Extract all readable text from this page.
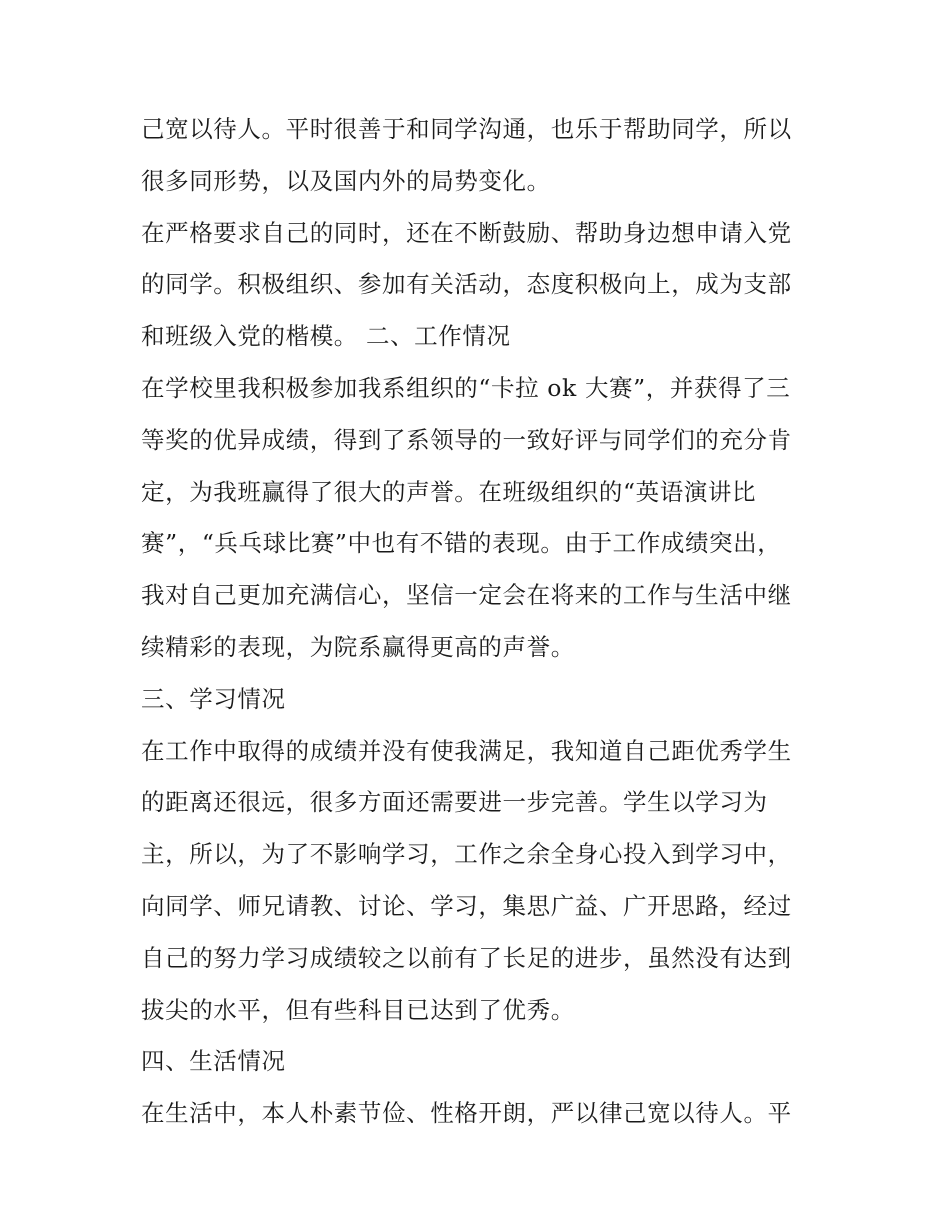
己宽以待人。平时很善于和同学沟通，也乐于帮助同学，所以
很多同形势，以及国内外的局势变化。
在严格要求自己的同时，还在不断鼓励、帮助身边想申请入党
的同学。积极组织、参加有关活动，态度积极向上，成为支部
和班级入党的楷模。 二、工作情况
在学校里我积极参加我系组织的“卡拉 ok 大赛”，并获得了三
等奖的优异成绩，得到了系领导的一致好评与同学们的充分肯
定，为我班赢得了很大的声誉。在班级组织的“英语演讲比
赛”，“兵乓球比赛”中也有不错的表现。由于工作成绩突出，
我对自己更加充满信心，坚信一定会在将来的工作与生活中继
续精彩的表现，为院系赢得更高的声誉。
三、学习情况
在工作中取得的成绩并没有使我满足，我知道自己距优秀学生
的距离还很远，很多方面还需要进一步完善。学生以学习为
主，所以，为了不影响学习，工作之余全身心投入到学习中，
向同学、师兄请教、讨论、学习，集思广益、广开思路，经过
自己的努力学习成绩较之以前有了长足的进步，虽然没有达到
拔尖的水平，但有些科目已达到了优秀。
四、生活情况
在生活中，本人朴素节俭、性格开朗，严以律己宽以待人。平
